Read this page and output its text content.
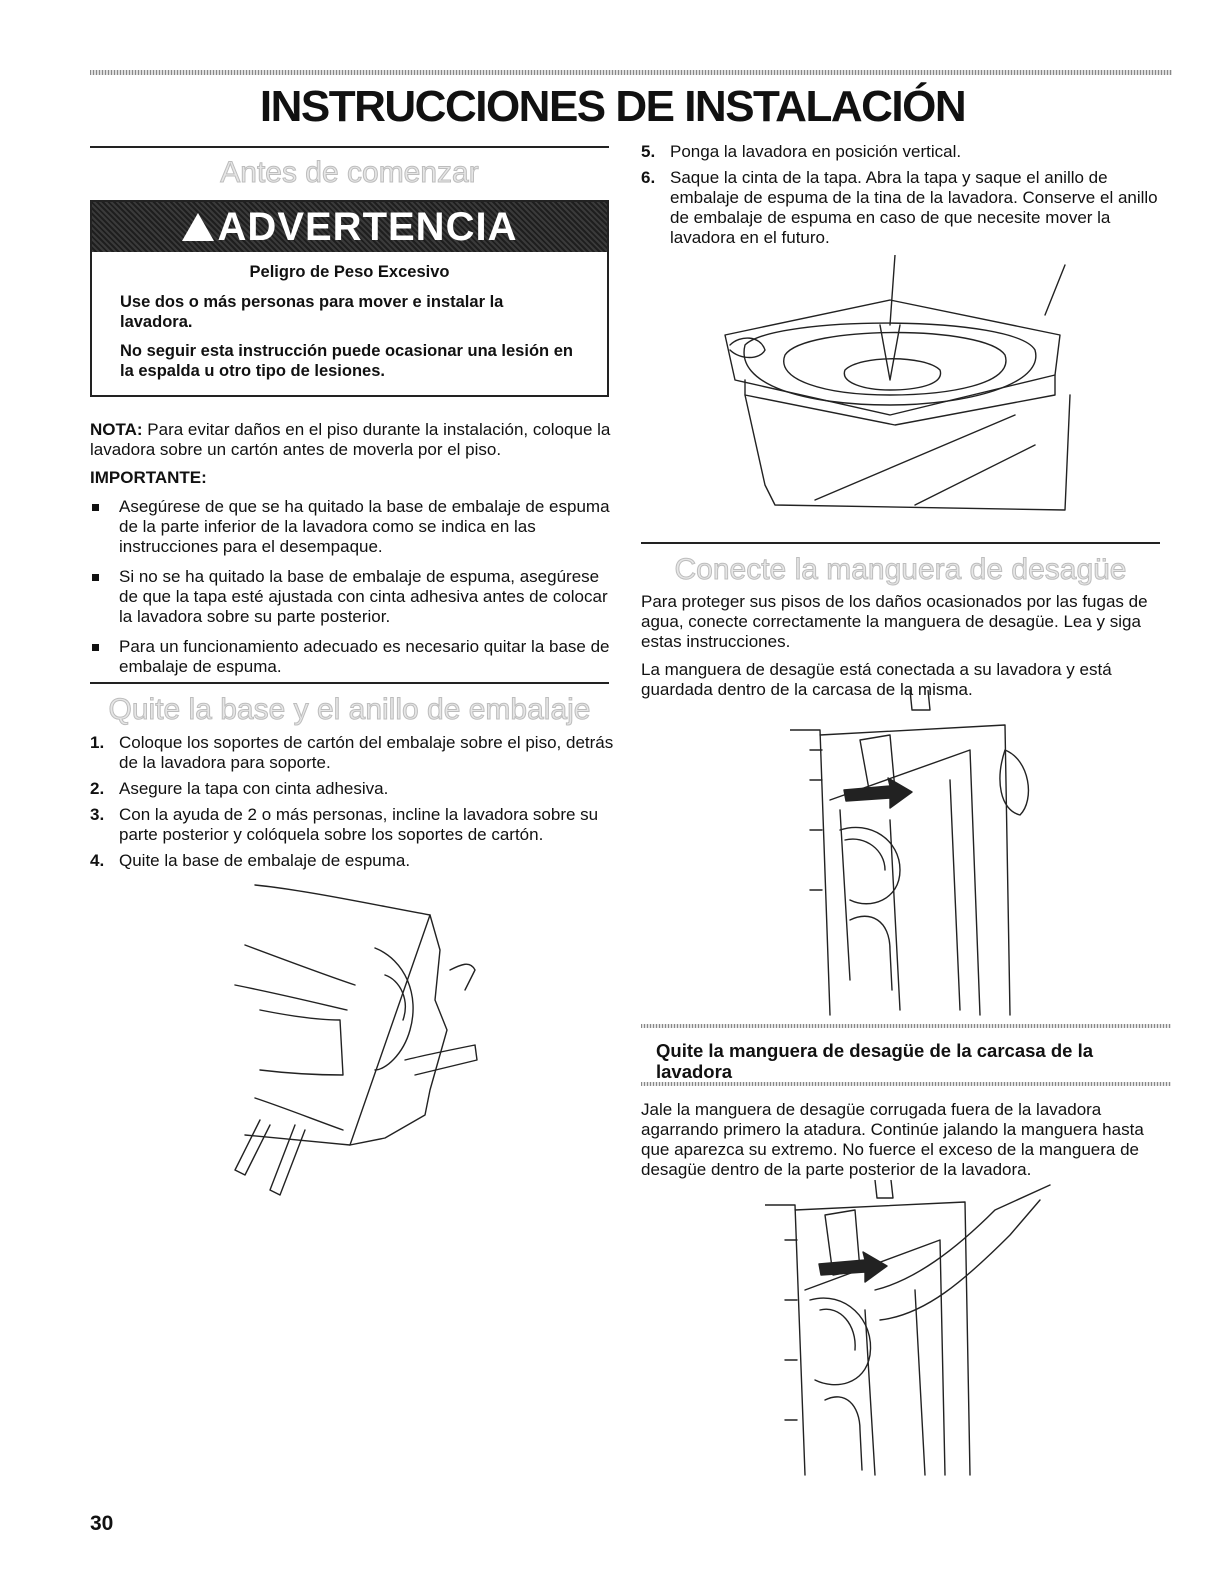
INSTRUCCIONES DE INSTALACIÓN
Antes de comenzar
ADVERTENCIA

Peligro de Peso Excesivo

Use dos o más personas para mover e instalar la lavadora.

No seguir esta instrucción puede ocasionar una lesión en la espalda u otro tipo de lesiones.

NOTA: Para evitar daños en el piso durante la instalación, coloque la lavadora sobre un cartón antes de moverla por el piso.

IMPORTANTE:

Asegúrese de que se ha quitado la base de embalaje de espuma de la parte inferior de la lavadora como se indica en las instrucciones para el desempaque.
Si no se ha quitado la base de embalaje de espuma, asegúrese de que la tapa esté ajustada con cinta adhesiva antes de colocar la lavadora sobre su parte posterior.
Para un funcionamiento adecuado es necesario quitar la base de embalaje de espuma.
Quite la base y el anillo de embalaje
1. Coloque los soportes de cartón del embalaje sobre el piso, detrás de la lavadora para soporte.
2. Asegure la tapa con cinta adhesiva.
3. Con la ayuda de 2 o más personas, incline la lavadora sobre su parte posterior y colóquela sobre los soportes de cartón.
4. Quite la base de embalaje de espuma.
5. Ponga la lavadora en posición vertical.
6. Saque la cinta de la tapa. Abra la tapa y saque el anillo de embalaje de espuma de la tina de la lavadora. Conserve el anillo de embalaje de espuma en caso de que necesite mover la lavadora en el futuro.
Conecte la manguera de desagüe

Para proteger sus pisos de los daños ocasionados por las fugas de agua, conecte correctamente la manguera de desagüe. Lea y siga estas instrucciones.

La manguera de desagüe está conectada a su lavadora y está guardada dentro de la carcasa de la misma.

Quite la manguera de desagüe de la carcasa de la lavadora
Jale la manguera de desagüe corrugada fuera de la lavadora agarrando primero la atadura. Continúe jalando la manguera hasta que aparezca su extremo. No fuerce el exceso de la manguera de desagüe dentro de la parte posterior de la lavadora.
30
